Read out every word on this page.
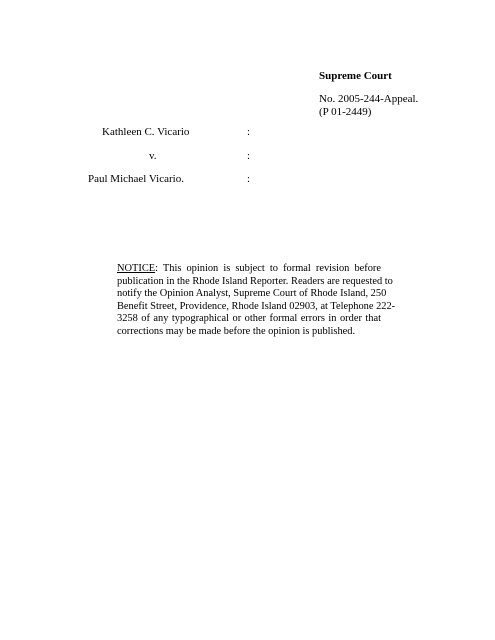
Supreme Court
No. 2005-244-Appeal.
(P 01-2449)
Kathleen C. Vicario	:
v.	:
Paul Michael Vicario.	:
NOTICE: This opinion is subject to formal revision before
publication in the Rhode Island Reporter. Readers are requested to
notify the Opinion Analyst, Supreme Court of Rhode Island, 250
Benefit Street, Providence, Rhode Island 02903, at Telephone 222-
3258 of any typographical or other formal errors in order that
corrections may be made before the opinion is published.
